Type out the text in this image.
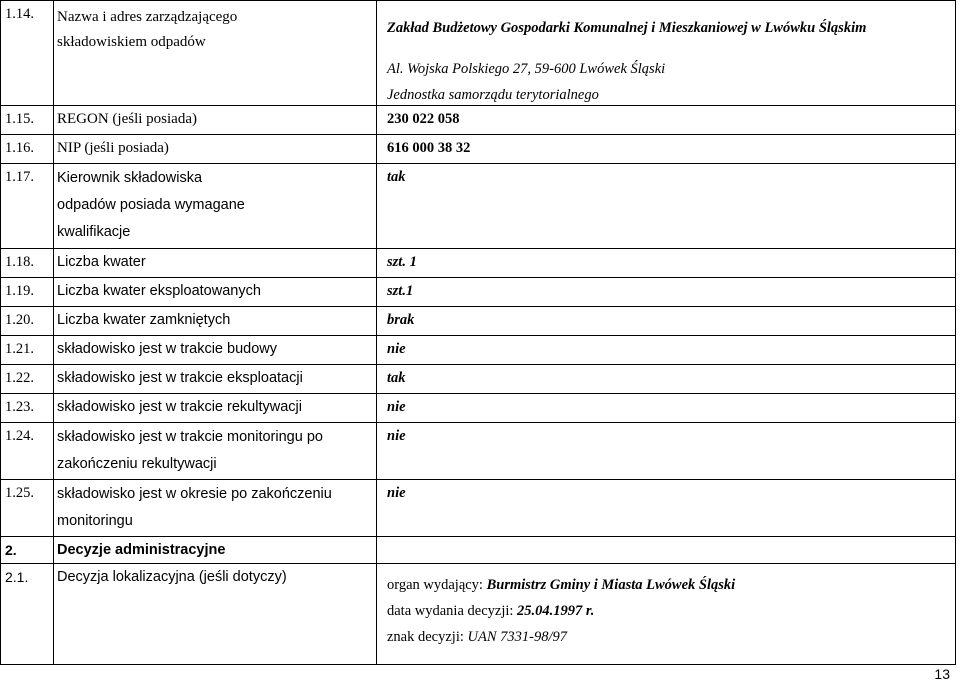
1.14.	Nazwa i adres zarządzającego
składowiskiem odpadów	Zakład Budżetowy Gospodarki Komunalnej i Mieszkaniowej w Lwówku Śląskim
Al. Wojska Polskiego 27, 59-600 Lwówek Śląski
Jednostka samorządu terytorialnego

1.15.	REGON (jeśli posiada)	230 022 058
1.16.	NIP (jeśli posiada)	616 000 38 32
1.17.	Kierownik składowiska
odpadów posiada wymagane
kwalifikacje	tak
1.18.	Liczba kwater	szt. 1
1.19.	Liczba kwater eksploatowanych	szt.1
1.20.	Liczba kwater zamkniętych	brak
1.21.	składowisko jest w trakcie budowy	nie
1.22.	składowisko jest w trakcie eksploatacji	tak
1.23.	składowisko jest w trakcie rekultywacji	nie
1.24.	składowisko jest w trakcie monitoringu po
zakończeniu rekultywacji	nie
1.25.	składowisko jest w okresie po zakończeniu
monitoringu	nie
2.	Decyzje administracyjne	
2.1.	Decyzja lokalizacyjna (jeśli dotyczy)	organ wydający: Burmistrz Gminy i Miasta Lwówek Śląski
data wydania decyzji: 25.04.1997 r.
znak decyzji: UAN 7331-98/97
13
